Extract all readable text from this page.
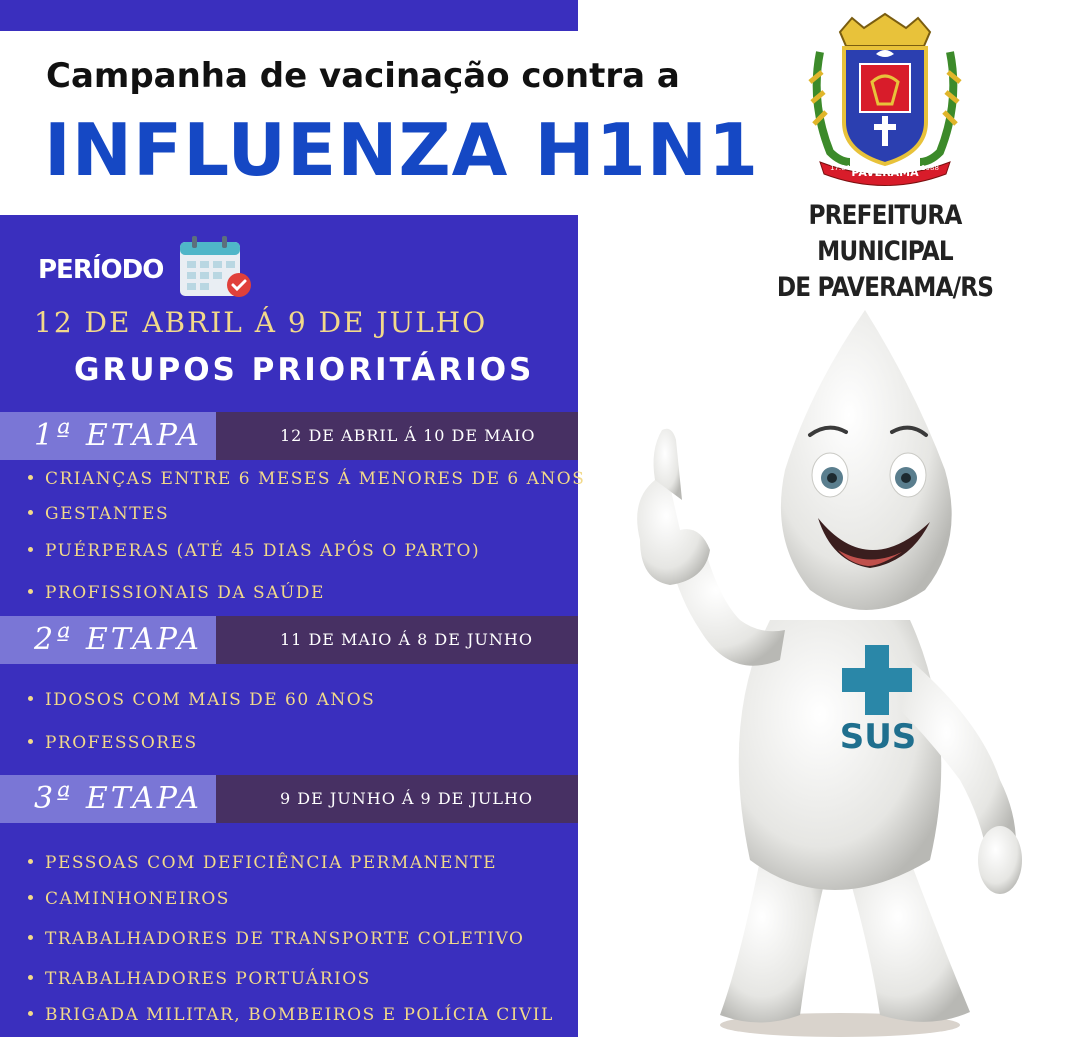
Campanha de vacinação contra a
INFLUENZA H1N1
PERÍODO
12 DE ABRIL Á 9 DE JULHO
GRUPOS PRIORITÁRIOS
1ª ETAPA	12 DE ABRIL Á 10 DE MAIO
CRIANÇAS ENTRE 6 MESES Á MENORES DE 6 ANOS
GESTANTES
PUÉRPERAS (ATÉ 45 DIAS APÓS O PARTO)
PROFISSIONAIS DA SAÚDE
2ª ETAPA	11 DE MAIO Á 8 DE JUNHO
IDOSOS COM MAIS DE 60 ANOS
PROFESSORES
3ª ETAPA	9 DE JUNHO Á 9 DE JULHO
PESSOAS COM DEFICIÊNCIA PERMANENTE
CAMINHONEIROS
TRABALHADORES DE TRANSPORTE COLETIVO
TRABALHADORES PORTUÁRIOS
BRIGADA MILITAR, BOMBEIROS E POLÍCIA CIVIL
PAVERAMA
17.04	1988
PREFEITURA MUNICIPAL
DE PAVERAMA/RS
SUS
